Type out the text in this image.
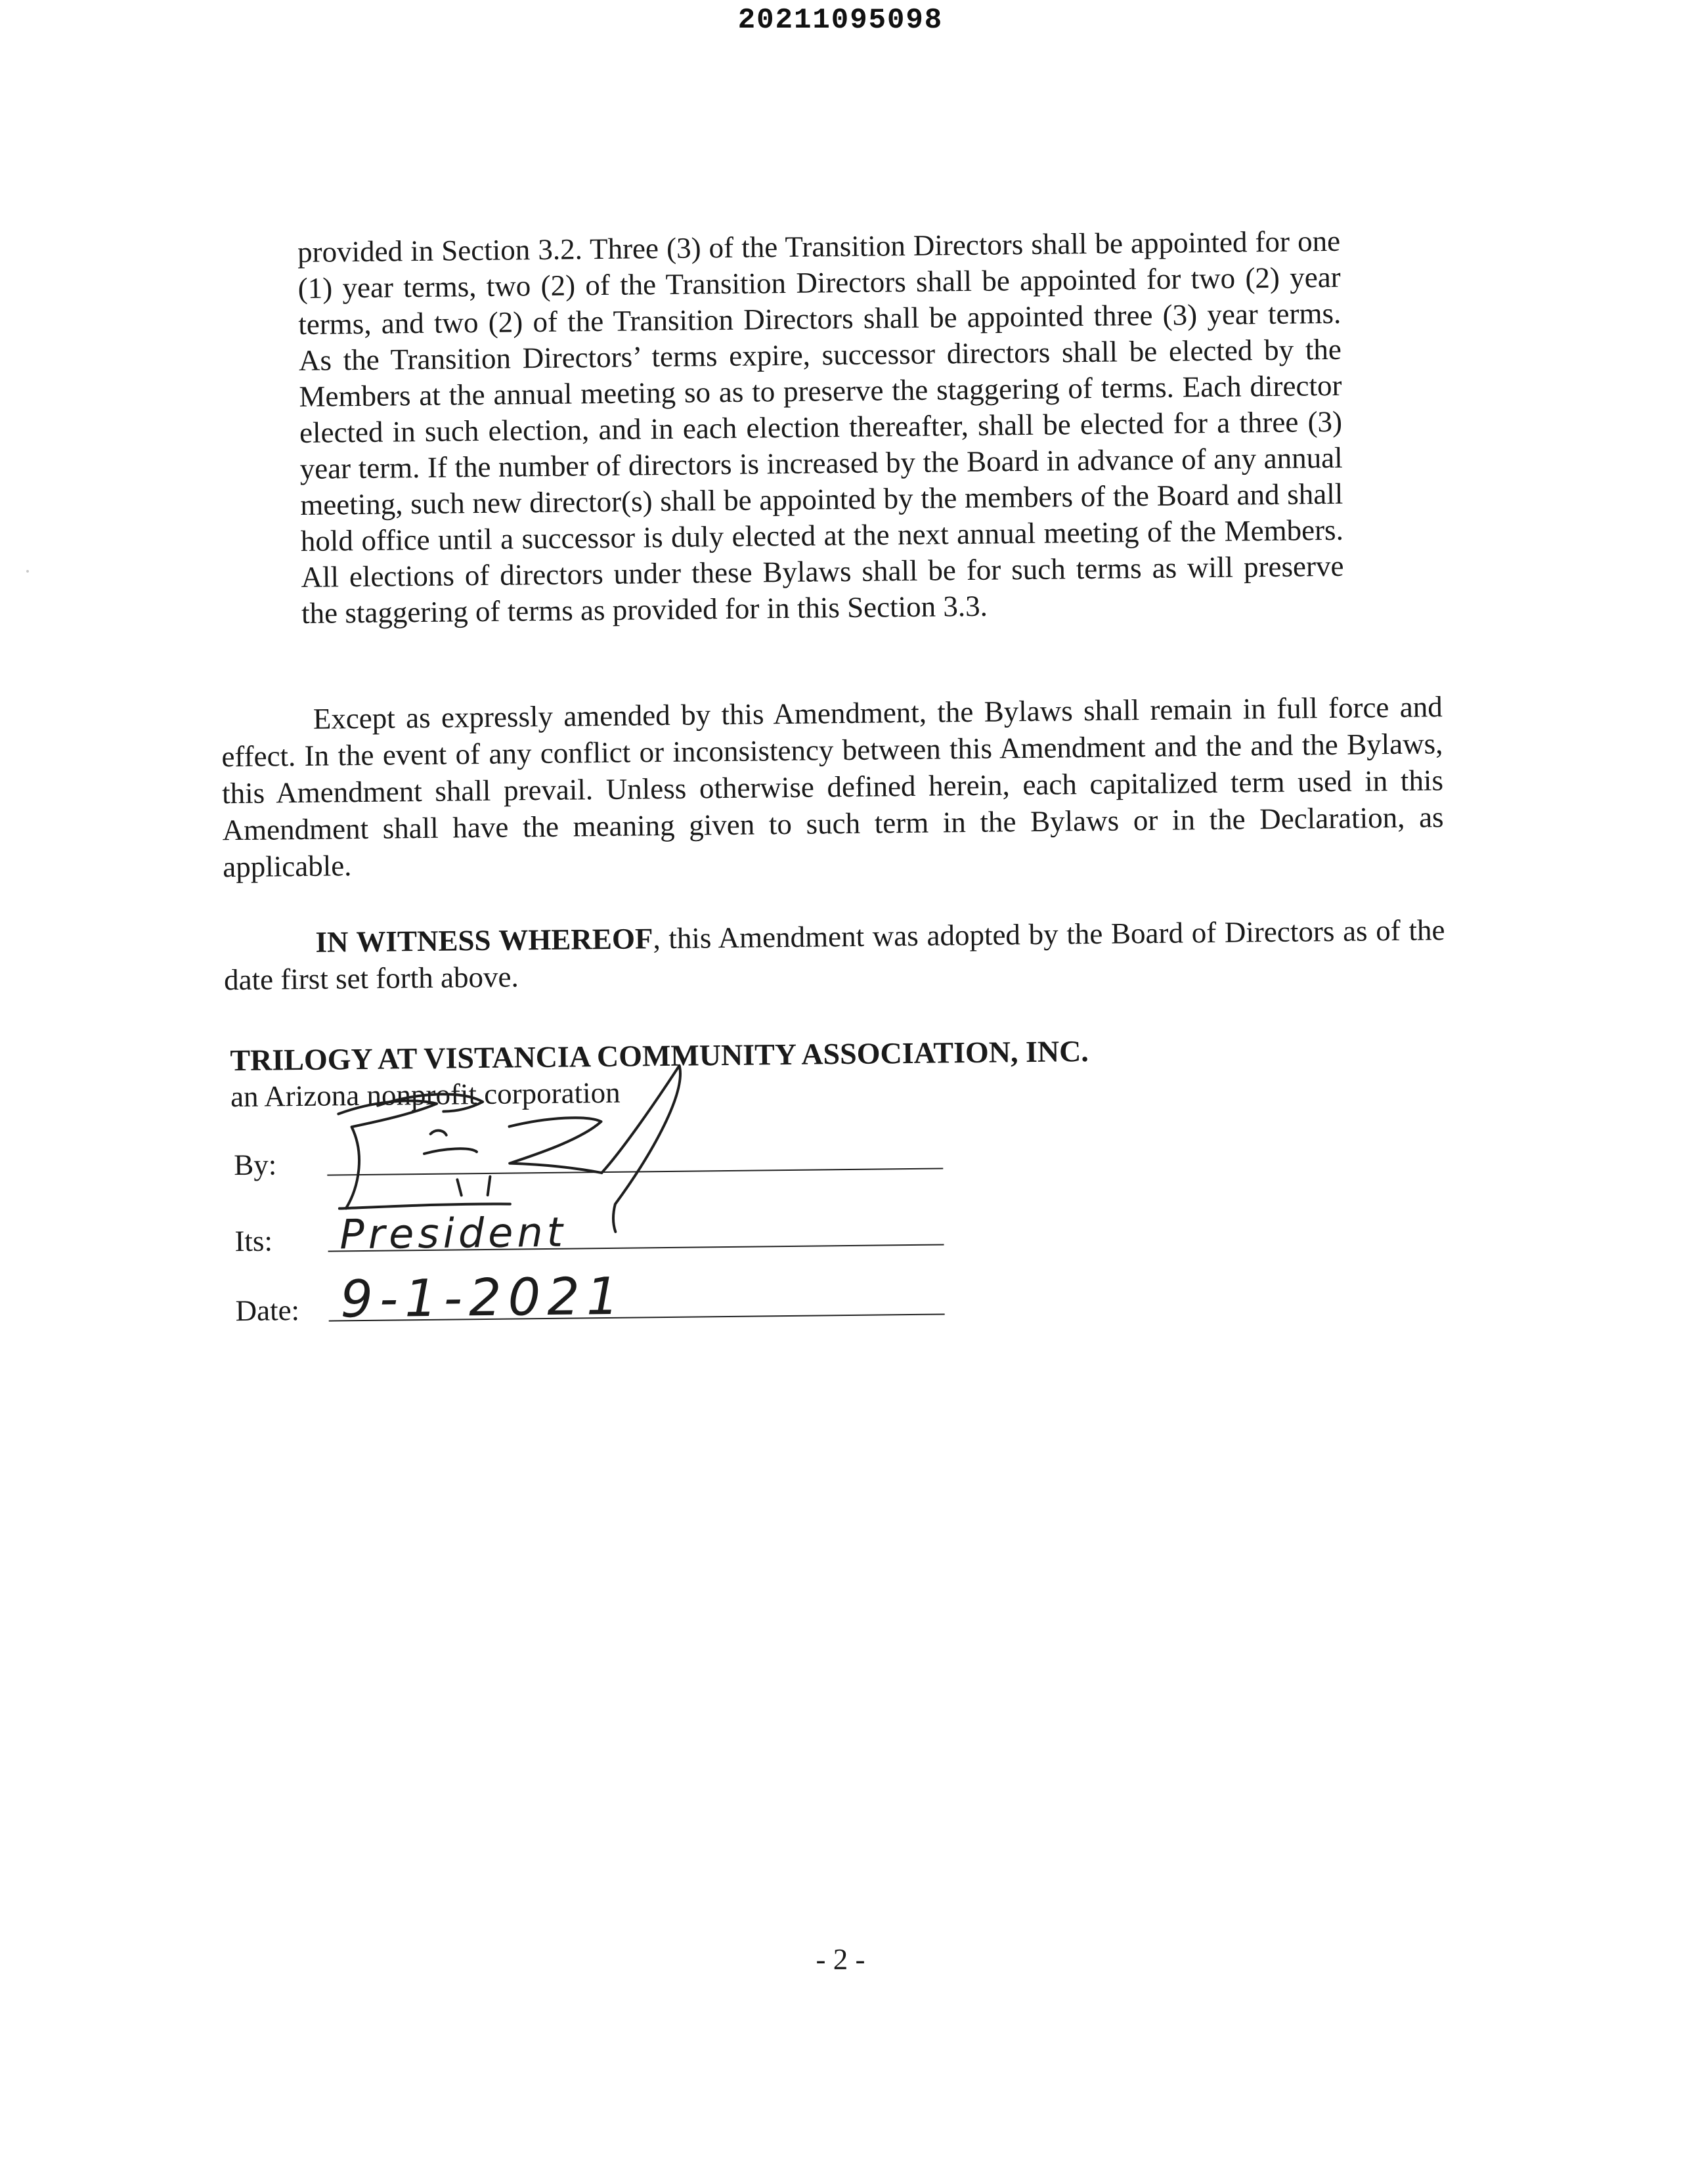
20211095098
provided in Section 3.2. Three (3) of the Transition Directors shall be appointed for one (1) year terms, two (2) of the Transition Directors shall be appointed for two (2) year terms, and two (2) of the Transition Directors shall be appointed three (3) year terms. As the Transition Directors’ terms expire, successor directors shall be elected by the Members at the annual meeting so as to preserve the staggering of terms. Each director elected in such election, and in each election thereafter, shall be elected for a three (3) year term. If the number of directors is increased by the Board in advance of any annual meeting, such new director(s) shall be appointed by the members of the Board and shall hold office until a successor is duly elected at the next annual meeting of the Members. All elections of directors under these Bylaws shall be for such terms as will preserve the staggering of terms as provided for in this Section 3.3.
Except as expressly amended by this Amendment, the Bylaws shall remain in full force and effect. In the event of any conflict or inconsistency between this Amendment and the and the Bylaws, this Amendment shall prevail. Unless otherwise defined herein, each capitalized term used in this Amendment shall have the meaning given to such term in the Bylaws or in the Declaration, as applicable.
IN WITNESS WHEREOF, this Amendment was adopted by the Board of Directors as of the date first set forth above.
TRILOGY AT VISTANCIA COMMUNITY ASSOCIATION, INC.
an Arizona nonprofit corporation
By:
Its: President
Date: 9-1-2021
- 2 -
